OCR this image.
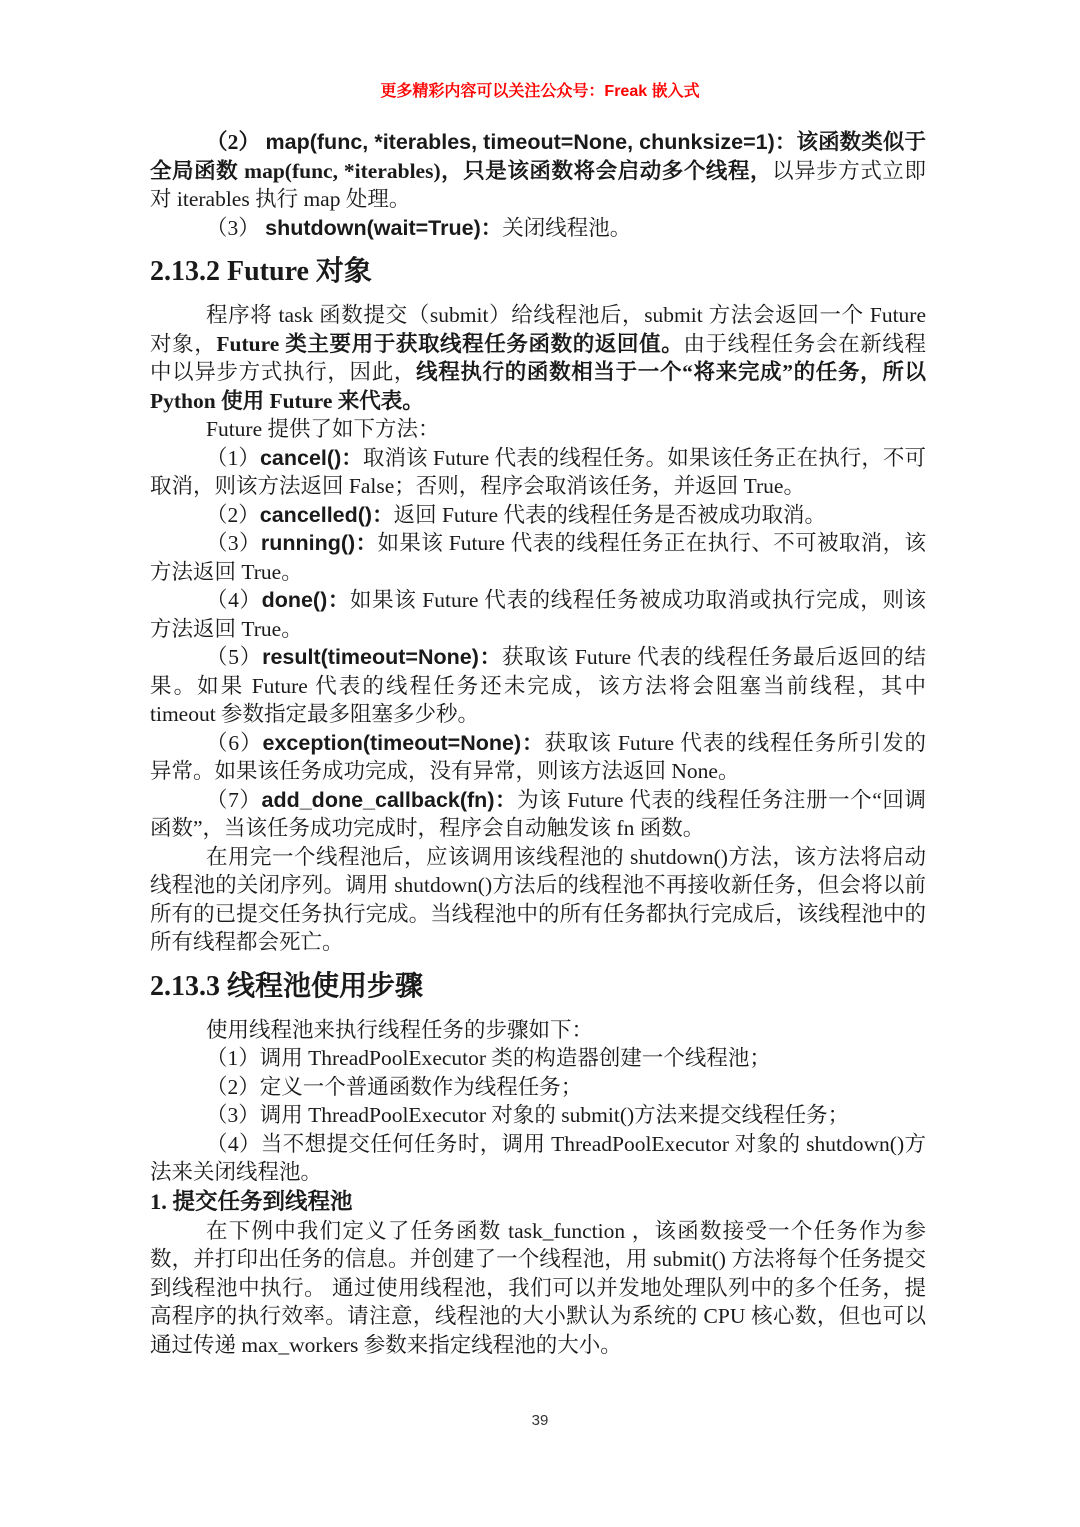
更多精彩内容可以关注公众号：Freak 嵌入式

（2） map(func, *iterables, timeout=None, chunksize=1)：该函数类似于全局函数 map(func, *iterables)，只是该函数将会启动多个线程，以异步方式立即对 iterables 执行 map 处理。

（3） shutdown(wait=True)：关闭线程池。

2.13.2 Future 对象

程序将 task 函数提交（submit）给线程池后，submit 方法会返回一个 Future 对象，Future 类主要用于获取线程任务函数的返回值。由于线程任务会在新线程中以异步方式执行，因此，线程执行的函数相当于一个“将来完成”的任务，所以 Python 使用 Future 来代表。

Future 提供了如下方法：

（1）cancel()：取消该 Future 代表的线程任务。如果该任务正在执行，不可取消，则该方法返回 False；否则，程序会取消该任务，并返回 True。

（2）cancelled()：返回 Future 代表的线程任务是否被成功取消。

（3）running()：如果该 Future 代表的线程任务正在执行、不可被取消，该方法返回 True。

（4）done()：如果该 Future 代表的线程任务被成功取消或执行完成，则该方法返回 True。

（5）result(timeout=None)：获取该 Future 代表的线程任务最后返回的结果。如果 Future 代表的线程任务还未完成，该方法将会阻塞当前线程，其中 timeout 参数指定最多阻塞多少秒。

（6）exception(timeout=None)：获取该 Future 代表的线程任务所引发的异常。如果该任务成功完成，没有异常，则该方法返回 None。

（7）add_done_callback(fn)：为该 Future 代表的线程任务注册一个“回调函数”，当该任务成功完成时，程序会自动触发该 fn 函数。

在用完一个线程池后，应该调用该线程池的 shutdown()方法，该方法将启动线程池的关闭序列。调用 shutdown()方法后的线程池不再接收新任务，但会将以前所有的已提交任务执行完成。当线程池中的所有任务都执行完成后，该线程池中的所有线程都会死亡。

2.13.3 线程池使用步骤

使用线程池来执行线程任务的步骤如下：

（1）调用 ThreadPoolExecutor 类的构造器创建一个线程池；

（2）定义一个普通函数作为线程任务；

（3）调用 ThreadPoolExecutor 对象的 submit()方法来提交线程任务；

（4）当不想提交任何任务时，调用 ThreadPoolExecutor 对象的 shutdown()方法来关闭线程池。

1. 提交任务到线程池

在下例中我们定义了任务函数 task_function ，该函数接受一个任务作为参数，并打印出任务的信息。并创建了一个线程池，用 submit() 方法将每个任务提交到线程池中执行。 通过使用线程池，我们可以并发地处理队列中的多个任务，提高程序的执行效率。请注意，线程池的大小默认为系统的 CPU 核心数，但也可以通过传递 max_workers 参数来指定线程池的大小。

39
